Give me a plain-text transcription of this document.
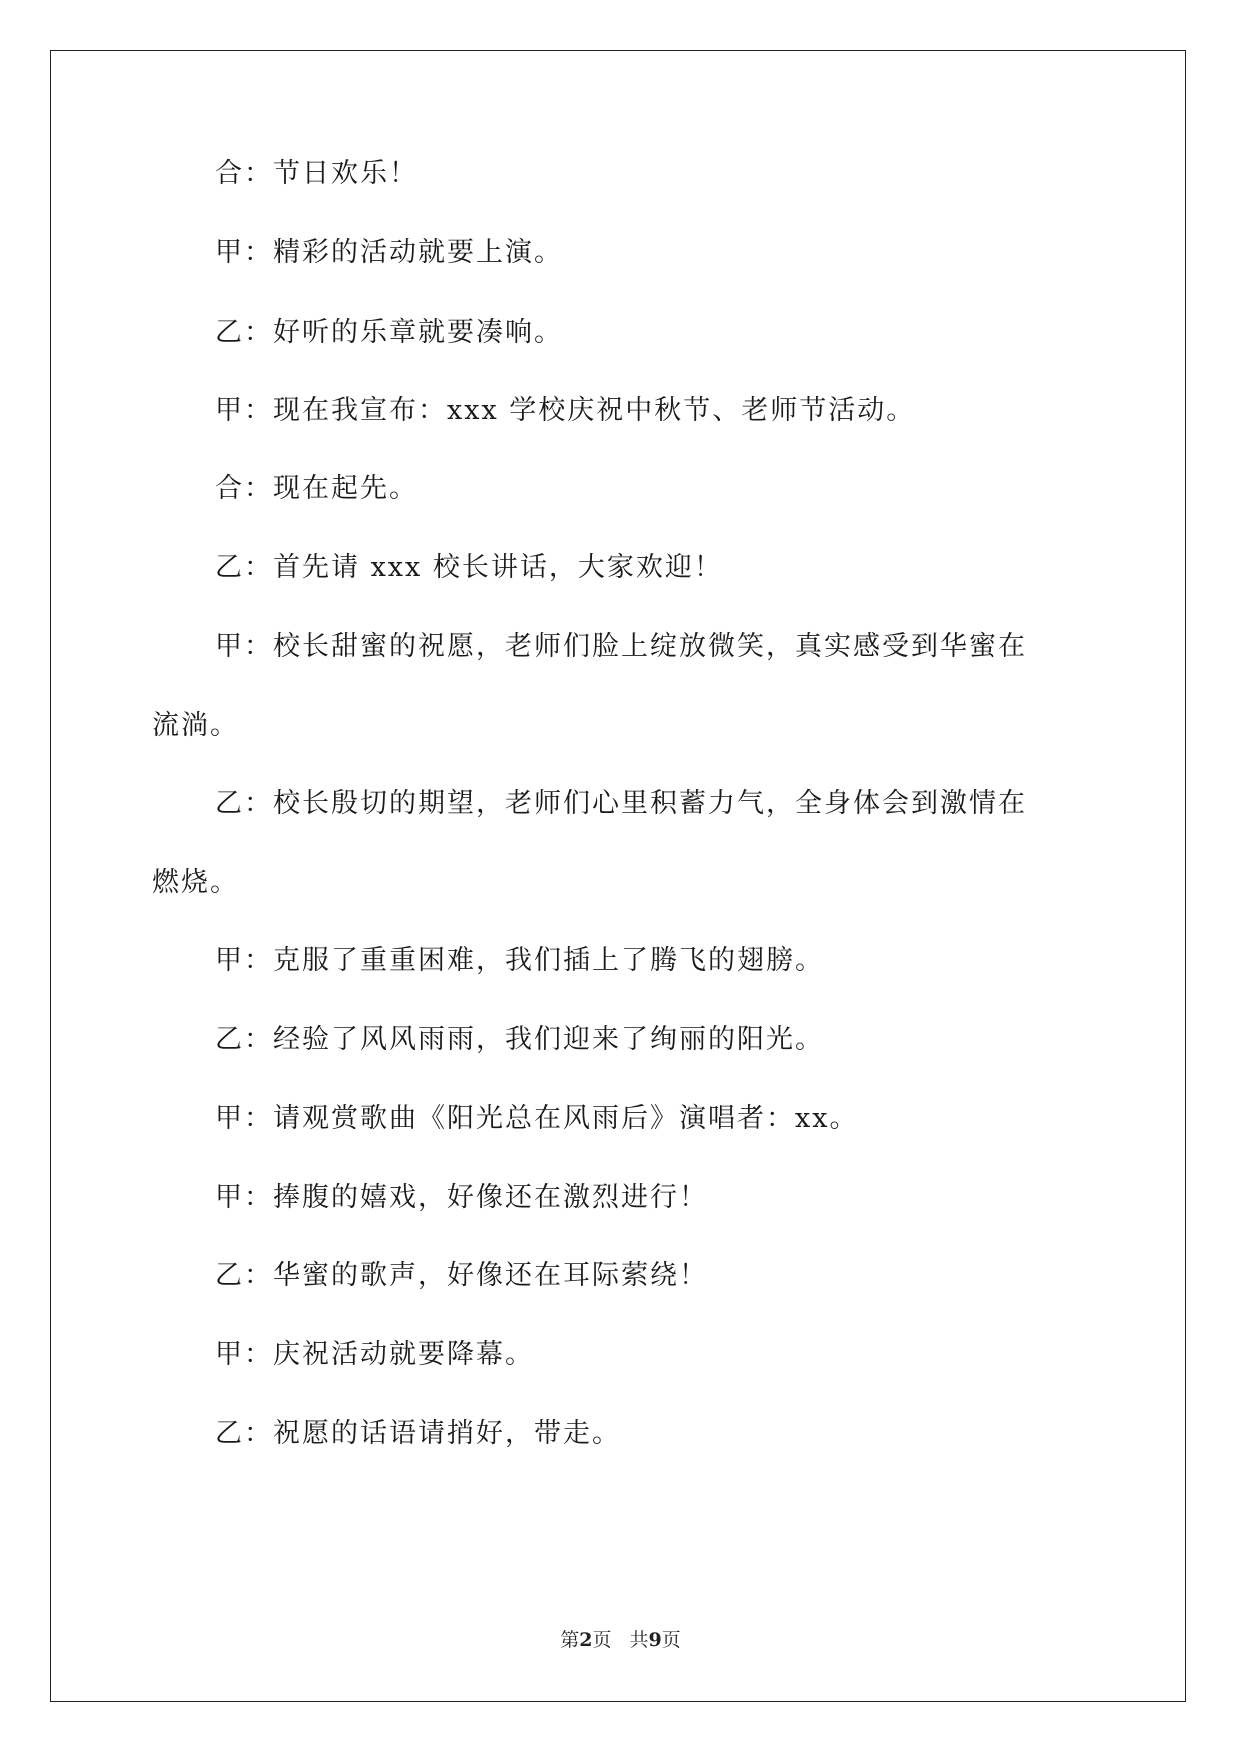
合：节日欢乐！
甲：精彩的活动就要上演。
乙：好听的乐章就要凑响。
甲：现在我宣布：xxx 学校庆祝中秋节、老师节活动。
合：现在起先。
乙：首先请 xxx 校长讲话，大家欢迎！
甲：校长甜蜜的祝愿，老师们脸上绽放微笑，真实感受到华蜜在
流淌。
乙：校长殷切的期望，老师们心里积蓄力气，全身体会到激情在
燃烧。
甲：克服了重重困难，我们插上了腾飞的翅膀。
乙：经验了风风雨雨，我们迎来了绚丽的阳光。
甲：请观赏歌曲《阳光总在风雨后》演唱者：xx。
甲：捧腹的嬉戏，好像还在激烈进行！
乙：华蜜的歌声，好像还在耳际萦绕！
甲：庆祝活动就要降幕。
乙：祝愿的话语请捎好，带走。
第2页 共9页
